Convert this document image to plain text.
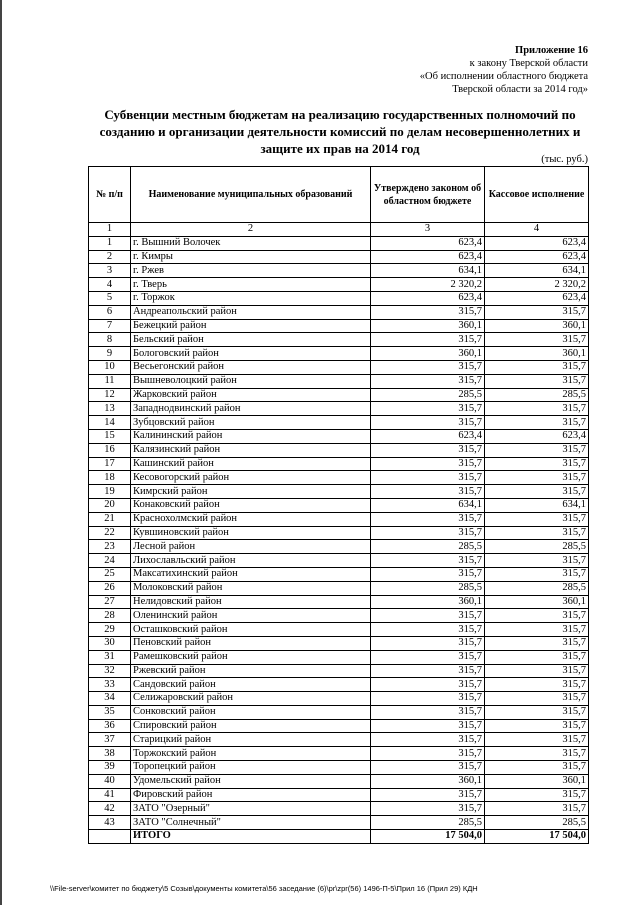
Приложение 16
к закону Тверской области
«Об исполнении областного бюджета
Тверской области за 2014 год»
Субвенции местным бюджетам на реализацию государственных полномочий по
созданию и организации деятельности комиссий по делам несовершеннолетних и
защите их прав на 2014 год
(тыс. руб.)
№ п/п	Наименование муниципальных образований	Утверждено законом об областном бюджете	Кассовое исполнение
1	2	3	4
1	г. Вышний Волочек	623,4	623,4
2	г. Кимры	623,4	623,4
3	г. Ржев	634,1	634,1
4	г. Тверь	2 320,2	2 320,2
5	г. Торжок	623,4	623,4
6	Андреапольский район	315,7	315,7
7	Бежецкий район	360,1	360,1
8	Бельский район	315,7	315,7
9	Бологовский район	360,1	360,1
10	Весьегонский район	315,7	315,7
11	Вышневолоцкий район	315,7	315,7
12	Жарковский район	285,5	285,5
13	Западнодвинский район	315,7	315,7
14	Зубцовский район	315,7	315,7
15	Калининский район	623,4	623,4
16	Калязинский район	315,7	315,7
17	Кашинский район	315,7	315,7
18	Кесовогорский район	315,7	315,7
19	Кимрский район	315,7	315,7
20	Конаковский район	634,1	634,1
21	Краснохолмский район	315,7	315,7
22	Кувшиновский район	315,7	315,7
23	Лесной район	285,5	285,5
24	Лихославльский район	315,7	315,7
25	Максатихинский район	315,7	315,7
26	Молоковский район	285,5	285,5
27	Нелидовский район	360,1	360,1
28	Оленинский район	315,7	315,7
29	Осташковский район	315,7	315,7
30	Пеновский район	315,7	315,7
31	Рамешковский район	315,7	315,7
32	Ржевский район	315,7	315,7
33	Сандовский район	315,7	315,7
34	Селижаровский район	315,7	315,7
35	Сонковский район	315,7	315,7
36	Спировский район	315,7	315,7
37	Старицкий район	315,7	315,7
38	Торжокский район	315,7	315,7
39	Торопецкий район	315,7	315,7
40	Удомельский район	360,1	360,1
41	Фировский район	315,7	315,7
42	ЗАТО "Озерный"	315,7	315,7
43	ЗАТО "Солнечный"	285,5	285,5
	ИТОГО	17 504,0	17 504,0
\\File-server\комитет по бюджету\5 Созыв\документы комитета\56 заседание (6)\pr\zpr(56) 1496-П-5\Прил 16 (Прил 29) КДН
